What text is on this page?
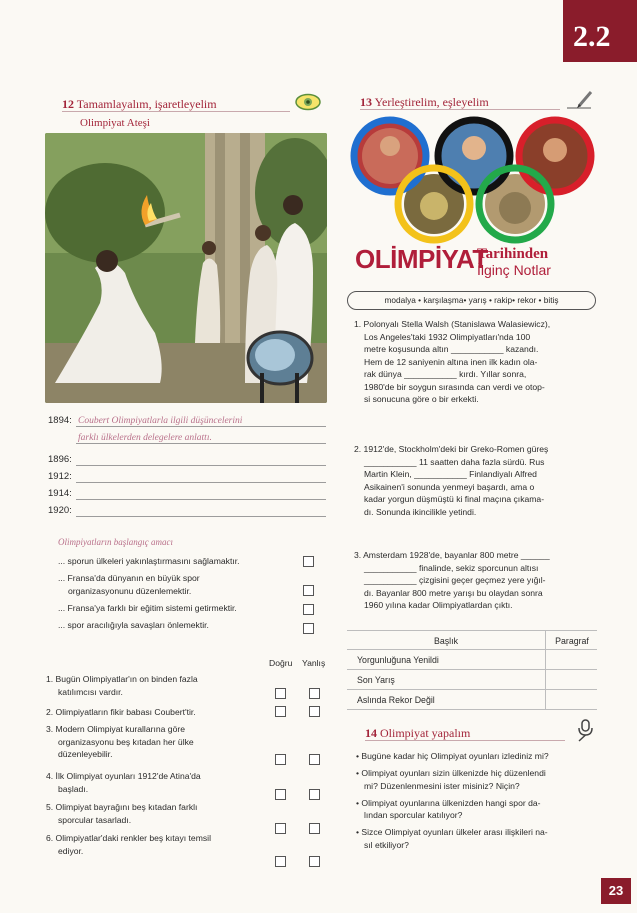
2.2
12 Tamamlayalım, işaretleyelim
Olimpiyat Ateşi
1894: Coubert Olimpiyatlarla ilgili düşüncelerini
farklı ülkelerden delegelere anlattı.
1896:
1912:
1914:
1920:
Olimpiyatların başlangıç amacı
... sporun ülkeleri yakınlaştırmasını sağlamaktır.
... Fransa'da dünyanın en büyük spor
organizasyonunu düzenlemektir.
... Fransa'ya farklı bir eğitim sistemi getirmektir.
... spor aracılığıyla savaşları önlemektir.
Doğru Yanlış
1. Bugün Olimpiyatlar'ın on binden fazla
katılımcısı vardır.
2. Olimpiyatların fikir babası Coubert'tir.
3. Modern Olimpiyat kurallarına göre
organizasyonu beş kıtadan her ülke
düzenleyebilir.
4. İlk Olimpiyat oyunları 1912'de Atina'da
başladı.
5. Olimpiyat bayrağını beş kıtadan farklı
sporcular tasarladı.
6. Olimpiyatlar'daki renkler beş kıtayı temsil
ediyor.
13 Yerleştirelim, eşleyelim
OLİMPİYAT
Tarihinden
İlginç Notlar
modalya • karşılaşma• yarış • rakip• rekor • bitiş
1. Polonyalı Stella Walsh (Stanislawa Walasiewicz),
Los Angeles'taki 1932 Olimpiyatları'nda 100
metre koşusunda altın ___________ kazandı.
Hem de 12 saniyenin altına inen ilk kadın ola-
rak dünya ___________ kırdı. Yıllar sonra,
1980'de bir soygun sırasında can verdi ve otop-
si sonucuna göre o bir erkekti.
2. 1912'de, Stockholm'deki bir Greko-Romen güreş
___________ 11 saatten daha fazla sürdü. Rus
Martin Klein, ___________ Finlandiyalı Alfred
Asikainen'i sonunda yenmeyi başardı, ama o
kadar yorgun düşmüştü ki final maçına çıkama-
dı. Sonunda ikincilikle yetindi.
3. Amsterdam 1928'de, bayanlar 800 metre ______
___________ finalinde, sekiz sporcunun altısı
___________ çizgisini geçer geçmez yere yığıl-
dı. Bayanlar 800 metre yarışı bu olaydan sonra
1960 yılına kadar Olimpiyatlardan çıktı.
Başlık	Paragraf
Yorgunluğuna Yenildi
Son Yarış
Aslında Rekor Değil
14 Olimpiyat yapalım
• Bugüne kadar hiç Olimpiyat oyunları izlediniz mi?
• Olimpiyat oyunları sizin ülkenizde hiç düzenlendi
mi? Düzenlenmesini ister misiniz? Niçin?
• Olimpiyat oyunlarına ülkenizden hangi spor da-
lından sporcular katılıyor?
• Sizce Olimpiyat oyunları ülkeler arası ilişkileri na-
sıl etkiliyor?
23
